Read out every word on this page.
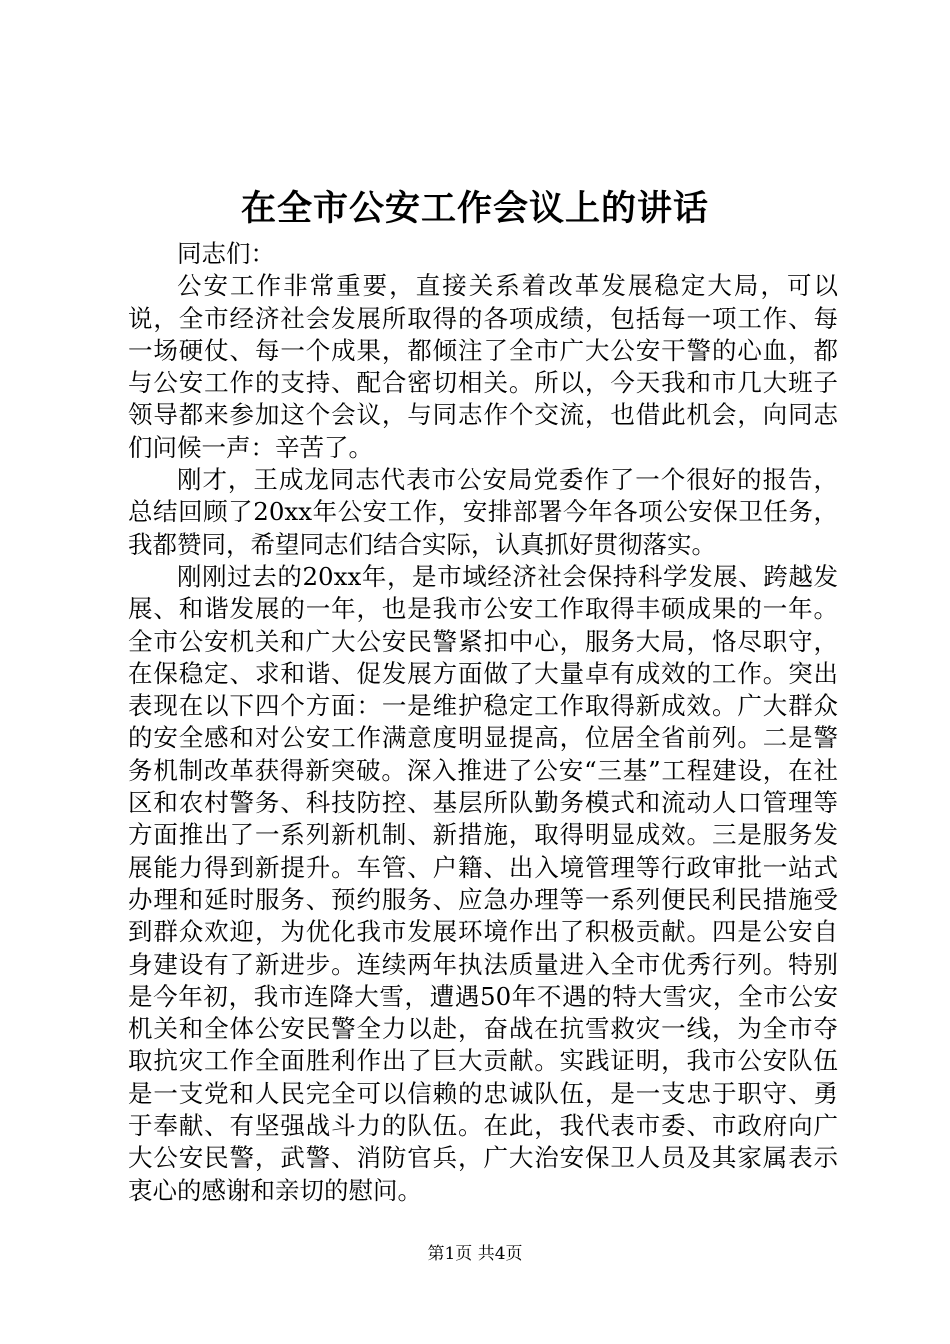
在全市公安工作会议上的讲话

同志们：

公安工作非常重要，直接关系着改革发展稳定大局，可以说，全市经济社会发展所取得的各项成绩，包括每一项工作、每一场硬仗、每一个成果，都倾注了全市广大公安干警的心血，都与公安工作的支持、配合密切相关。所以，今天我和市几大班子领导都来参加这个会议，与同志作个交流，也借此机会，向同志们问候一声：辛苦了。

刚才，王成龙同志代表市公安局党委作了一个很好的报告，总结回顾了20xx年公安工作，安排部署今年各项公安保卫任务，我都赞同，希望同志们结合实际，认真抓好贯彻落实。

刚刚过去的20xx年，是市域经济社会保持科学发展、跨越发展、和谐发展的一年，也是我市公安工作取得丰硕成果的一年。全市公安机关和广大公安民警紧扣中心，服务大局，恪尽职守，在保稳定、求和谐、促发展方面做了大量卓有成效的工作。突出表现在以下四个方面：一是维护稳定工作取得新成效。广大群众的安全感和对公安工作满意度明显提高，位居全省前列。二是警务机制改革获得新突破。深入推进了公安“三基”工程建设，在社区和农村警务、科技防控、基层所队勤务模式和流动人口管理等方面推出了一系列新机制、新措施，取得明显成效。三是服务发展能力得到新提升。车管、户籍、出入境管理等行政审批一站式办理和延时服务、预约服务、应急办理等一系列便民利民措施受到群众欢迎，为优化我市发展环境作出了积极贡献。四是公安自身建设有了新进步。连续两年执法质量进入全市优秀行列。特别是今年初，我市连降大雪，遭遇50年不遇的特大雪灾，全市公安机关和全体公安民警全力以赴，奋战在抗雪救灾一线，为全市夺取抗灾工作全面胜利作出了巨大贡献。实践证明，我市公安队伍是一支党和人民完全可以信赖的忠诚队伍，是一支忠于职守、勇于奉献、有坚强战斗力的队伍。在此，我代表市委、市政府向广大公安民警，武警、消防官兵，广大治安保卫人员及其家属表示衷心的感谢和亲切的慰问。

第1页 共4页
